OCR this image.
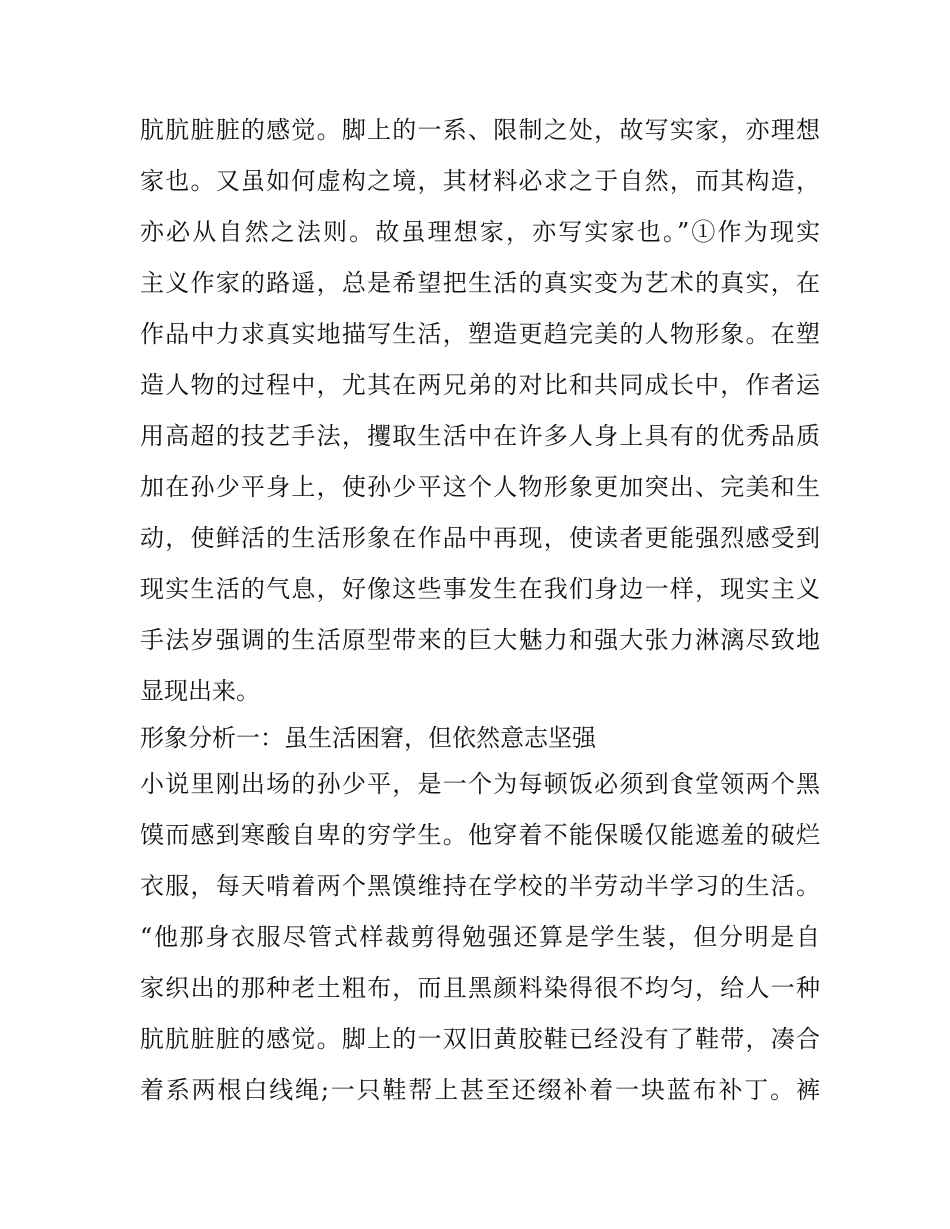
肮肮脏脏的感觉。脚上的一系、限制之处，故写实家，亦理想
家也。又虽如何虚构之境，其材料必求之于自然，而其构造，
亦必从自然之法则。故虽理想家，亦写实家也。”①作为现实
主义作家的路遥，总是希望把生活的真实变为艺术的真实，在
作品中力求真实地描写生活，塑造更趋完美的人物形象。在塑
造人物的过程中，尤其在两兄弟的对比和共同成长中，作者运
用高超的技艺手法，攫取生活中在许多人身上具有的优秀品质
加在孙少平身上，使孙少平这个人物形象更加突出、完美和生
动，使鲜活的生活形象在作品中再现，使读者更能强烈感受到
现实生活的气息，好像这些事发生在我们身边一样，现实主义
手法岁强调的生活原型带来的巨大魅力和强大张力淋漓尽致地
显现出来。
形象分析一：虽生活困窘，但依然意志坚强
小说里刚出场的孙少平，是一个为每顿饭必须到食堂领两个黑
馍而感到寒酸自卑的穷学生。他穿着不能保暖仅能遮羞的破烂
衣服，每天啃着两个黑馍维持在学校的半劳动半学习的生活。
“他那身衣服尽管式样裁剪得勉强还算是学生装，但分明是自
家织出的那种老土粗布，而且黑颜料染得很不均匀，给人一种
肮肮脏脏的感觉。脚上的一双旧黄胶鞋已经没有了鞋带，凑合
着系两根白线绳;一只鞋帮上甚至还缀补着一块蓝布补丁。裤
